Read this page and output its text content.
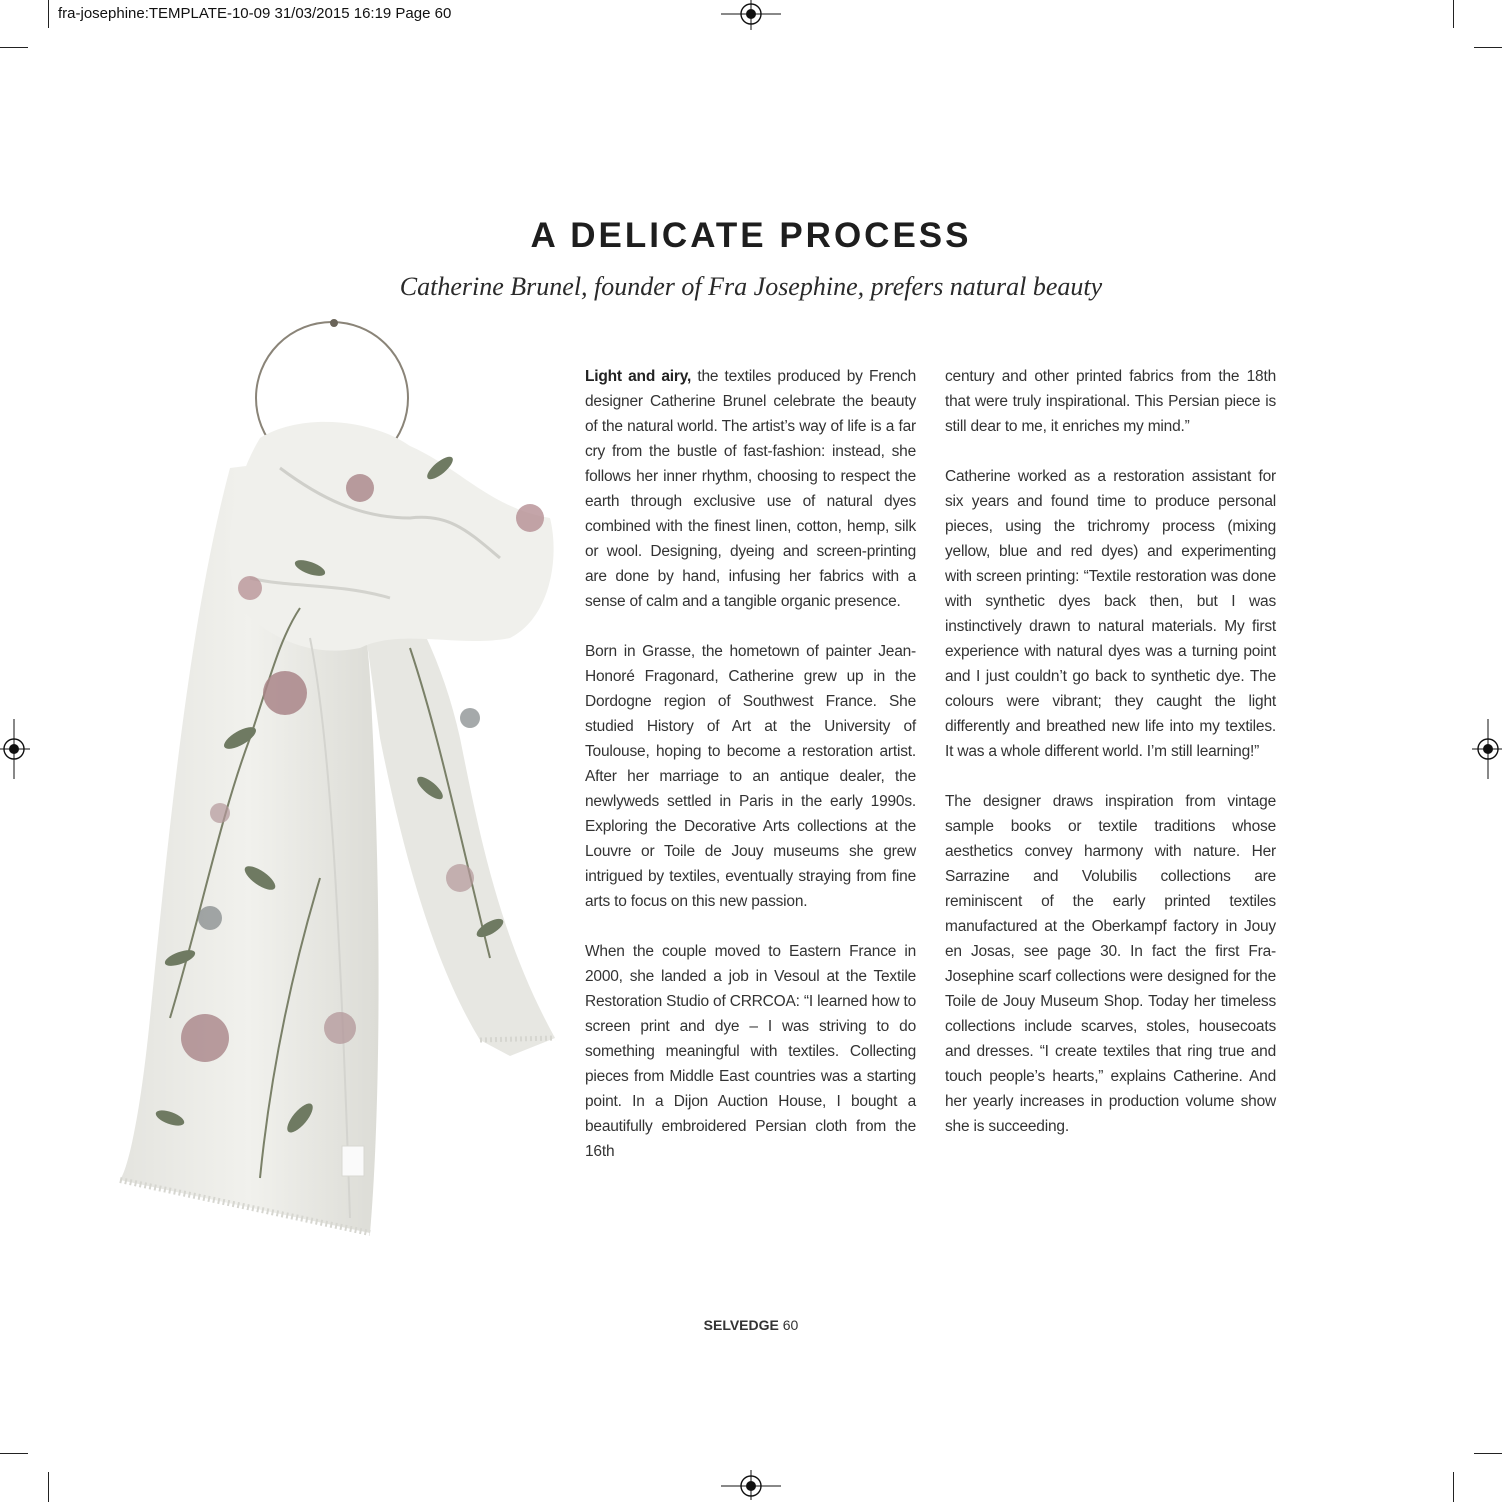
fra-josephine:TEMPLATE-10-09 31/03/2015 16:19 Page 60
A DELICATE PROCESS

Catherine Brunel, founder of Fra Josephine, prefers natural beauty

Light and airy, the textiles produced by French designer Catherine Brunel celebrate the beauty of the natural world. The artist’s way of life is a far cry from the bustle of fast-fashion: instead, she follows her inner rhythm, choosing to respect the earth through exclusive use of natural dyes combined with the finest linen, cotton, hemp, silk or wool. Designing, dyeing and screen-printing are done by hand, infusing her fabrics with a sense of calm and a tangible organic presence.

Born in Grasse, the hometown of painter Jean-Honoré Fragonard, Catherine grew up in the Dordogne region of Southwest France. She studied History of Art at the University of Toulouse, hoping to become a restoration artist. After her marriage to an antique dealer, the newlyweds settled in Paris in the early 1990s. Exploring the Decorative Arts collections at the Louvre or Toile de Jouy museums she grew intrigued by textiles, eventually straying from fine arts to focus on this new passion.

When the couple moved to Eastern France in 2000, she landed a job in Vesoul at the Textile Restoration Studio of CRRCOA: “I learned how to screen print and dye – I was striving to do something meaningful with textiles. Collecting pieces from Middle East countries was a starting point. In a Dijon Auction House, I bought a beautifully embroidered Persian cloth from the 16th

century and other printed fabrics from the 18th that were truly inspirational. This Persian piece is still dear to me, it enriches my mind.”

Catherine worked as a restoration assistant for six years and found time to produce personal pieces, using the trichromy process (mixing yellow, blue and red dyes) and experimenting with screen printing: “Textile restoration was done with synthetic dyes back then, but I was instinctively drawn to natural materials. My first experience with natural dyes was a turning point and I just couldn’t go back to synthetic dye. The colours were vibrant; they caught the light differently and breathed new life into my textiles. It was a whole different world. I’m still learning!”

The designer draws inspiration from vintage sample books or textile traditions whose aesthetics convey harmony with nature. Her Sarrazine and Volubilis collections are reminiscent of the early printed textiles manufactured at the Oberkampf factory in Jouy en Josas, see page 30. In fact the first Fra-Josephine scarf collections were designed for the Toile de Jouy Museum Shop. Today her timeless collections include scarves, stoles, housecoats and dresses. “I create textiles that ring true and touch people’s hearts,” explains Catherine. And her yearly increases in production volume show she is succeeding.

SELVEDGE 60
